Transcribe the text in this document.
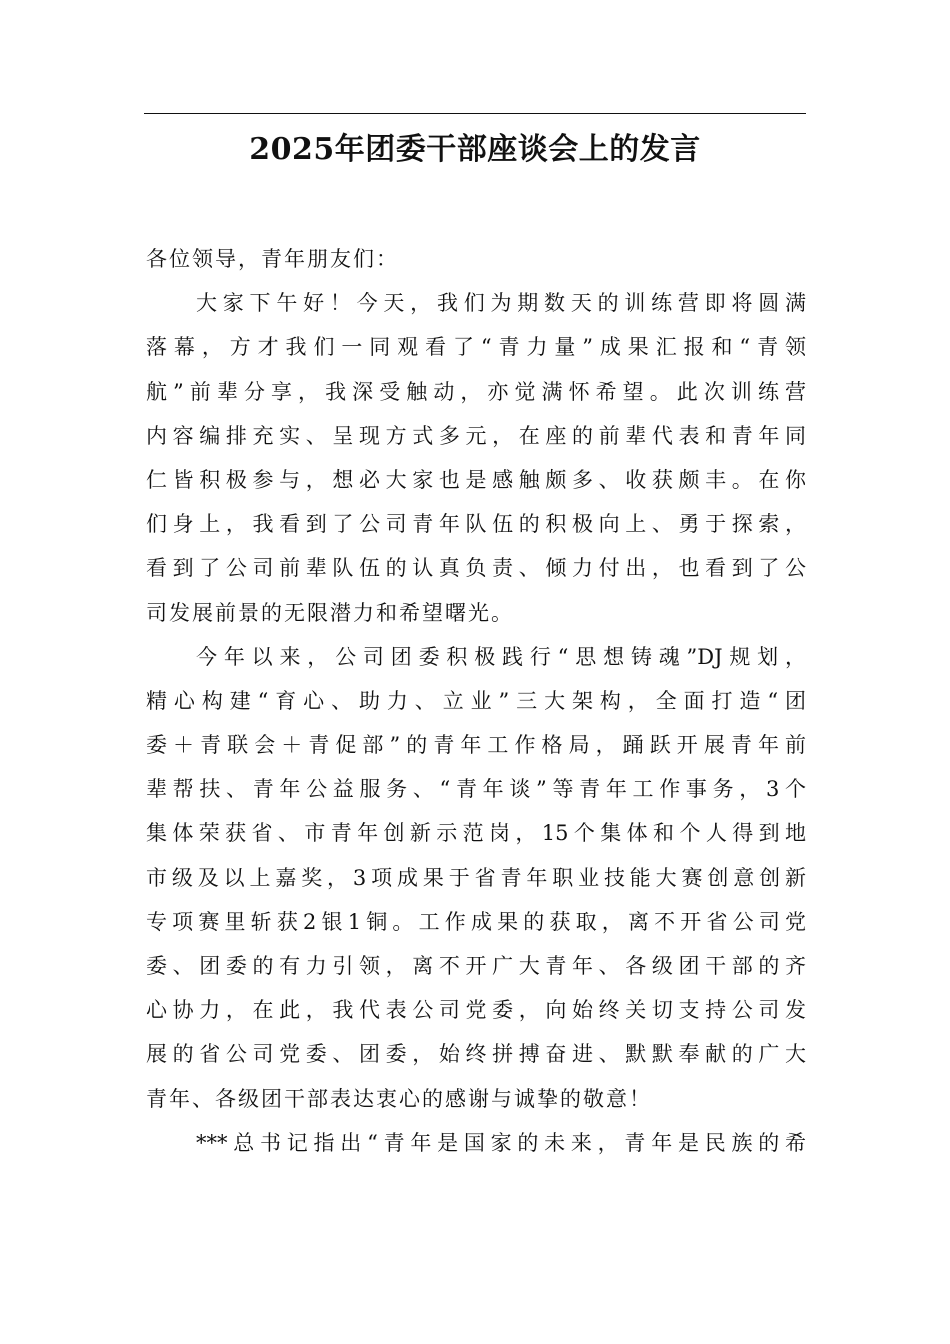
2025年团委干部座谈会上的发言
各位领导，青年朋友们：
大家下午好！今天，我们为期数天的训练营即将圆满
落幕，方才我们一同观看了“青力量”成果汇报和“青领
航”前辈分享，我深受触动，亦觉满怀希望。此次训练营
内容编排充实、呈现方式多元，在座的前辈代表和青年同
仁皆积极参与，想必大家也是感触颇多、收获颇丰。在你
们身上，我看到了公司青年队伍的积极向上、勇于探索，
看到了公司前辈队伍的认真负责、倾力付出，也看到了公
司发展前景的无限潜力和希望曙光。
今年以来，公司团委积极践行“思想铸魂”DJ规划，
精心构建“育心、助力、立业”三大架构，全面打造“团
委＋青联会＋青促部”的青年工作格局，踊跃开展青年前
辈帮扶、青年公益服务、“青年谈”等青年工作事务，3个
集体荣获省、市青年创新示范岗，15个集体和个人得到地
市级及以上嘉奖，3项成果于省青年职业技能大赛创意创新
专项赛里斩获2银1铜。工作成果的获取，离不开省公司党
委、团委的有力引领，离不开广大青年、各级团干部的齐
心协力，在此，我代表公司党委，向始终关切支持公司发
展的省公司党委、团委，始终拼搏奋进、默默奉献的广大
青年、各级团干部表达衷心的感谢与诚挚的敬意！
***总书记指出“青年是国家的未来，青年是民族的希
